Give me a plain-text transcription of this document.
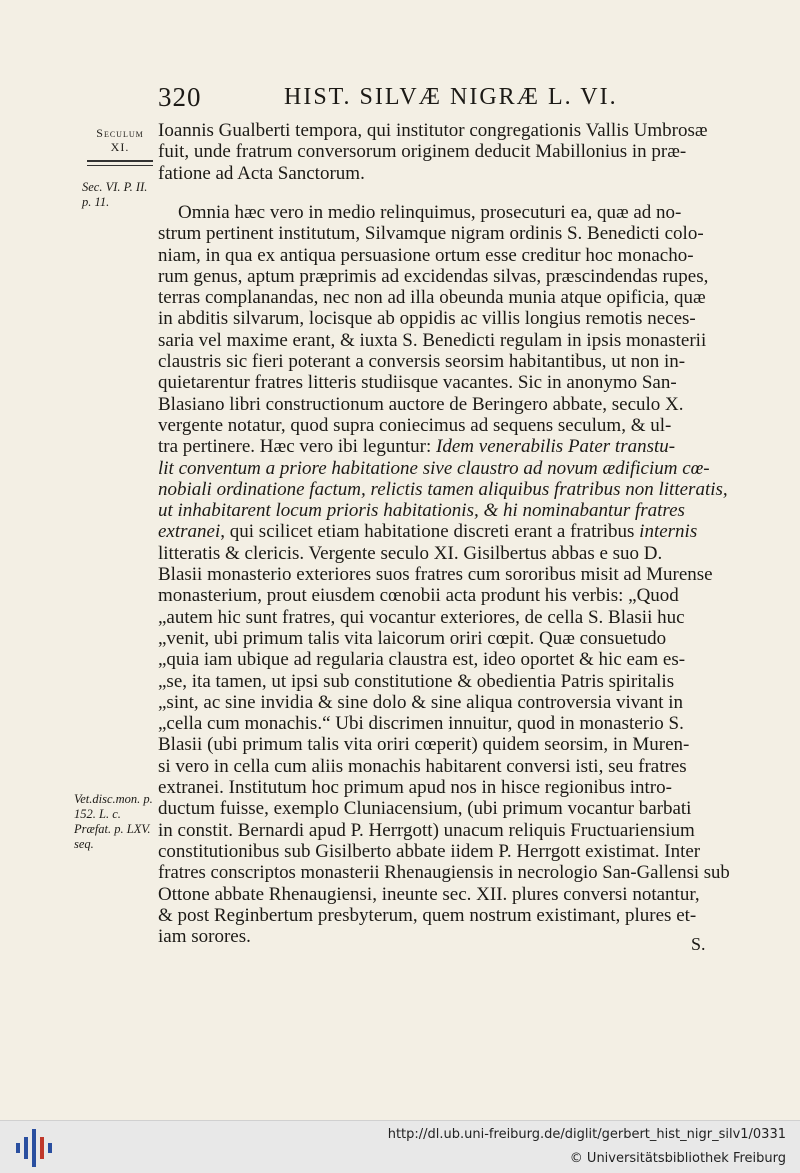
320	HIST. SILVÆ NIGRÆ L. VI.
Seculum
XI.
Sec. VI. P. II. p. 11.
Vet.disc.mon. p. 152. L. c. Præfat. p. LXV. seq.
Ioannis Gualberti tempora, qui institutor congregationis Vallis Umbrosæ
fuit, unde fratrum conversorum originem deducit Mabillonius in præ-
fatione ad Acta Sanctorum.
Omnia hæc vero in medio relinquimus, prosecuturi ea, quæ ad no-
strum pertinent institutum, Silvamque nigram ordinis S. Benedicti colo-
niam, in qua ex antiqua persuasione ortum esse creditur hoc monacho-
rum genus, aptum præprimis ad excidendas silvas, præscindendas rupes,
terras complanandas, nec non ad illa obeunda munia atque opificia, quæ
in abditis silvarum, locisque ab oppidis ac villis longius remotis neces-
saria vel maxime erant, & iuxta S. Benedicti regulam in ipsis monasterii
claustris sic fieri poterant a conversis seorsim habitantibus, ut non in-
quietarentur fratres litteris studiisque vacantes. Sic in anonymo San-
Blasiano libri constructionum auctore de Beringero abbate, seculo X.
vergente notatur, quod supra coniecimus ad sequens seculum, & ul-
tra pertinere. Hæc vero ibi leguntur: Idem venerabilis Pater transtu-
lit conventum a priore habitatione sive claustro ad novum ædificium cœ-
nobiali ordinatione factum, relictis tamen aliquibus fratribus non litteratis,
ut inhabitarent locum prioris habitationis, & hi nominabantur fratres
extranei, qui scilicet etiam habitatione discreti erant a fratribus internis
litteratis & clericis. Vergente seculo XI. Gisilbertus abbas e suo D.
Blasii monasterio exteriores suos fratres cum sororibus misit ad Murense
monasterium, prout eiusdem cœnobii acta produnt his verbis: „Quod
„autem hic sunt fratres, qui vocantur exteriores, de cella S. Blasii huc
„venit, ubi primum talis vita laicorum oriri cœpit. Quæ consuetudo
„quia iam ubique ad regularia claustra est, ideo oportet & hic eam es-
„se, ita tamen, ut ipsi sub constitutione & obedientia Patris spiritalis
„sint, ac sine invidia & sine dolo & sine aliqua controversia vivant in
„cella cum monachis.“ Ubi discrimen innuitur, quod in monasterio S.
Blasii (ubi primum talis vita oriri cœperit) quidem seorsim, in Muren-
si vero in cella cum aliis monachis habitarent conversi isti, seu fratres
extranei. Institutum hoc primum apud nos in hisce regionibus intro-
ductum fuisse, exemplo Cluniacensium, (ubi primum vocantur barbati
in constit. Bernardi apud P. Herrgott) unacum reliquis Fructuariensium
constitutionibus sub Gisilberto abbate iidem P. Herrgott existimat. Inter
fratres conscriptos monasterii Rhenaugiensis in necrologio San-Gallensi sub
Ottone abbate Rhenaugiensi, ineunte sec. XII. plures conversi notantur,
& post Reginbertum presbyterum, quem nostrum existimant, plures et-
iam sorores.	S.
http://dl.ub.uni-freiburg.de/diglit/gerbert_hist_nigr_silv1/0331
© Universitätsbibliothek Freiburg
